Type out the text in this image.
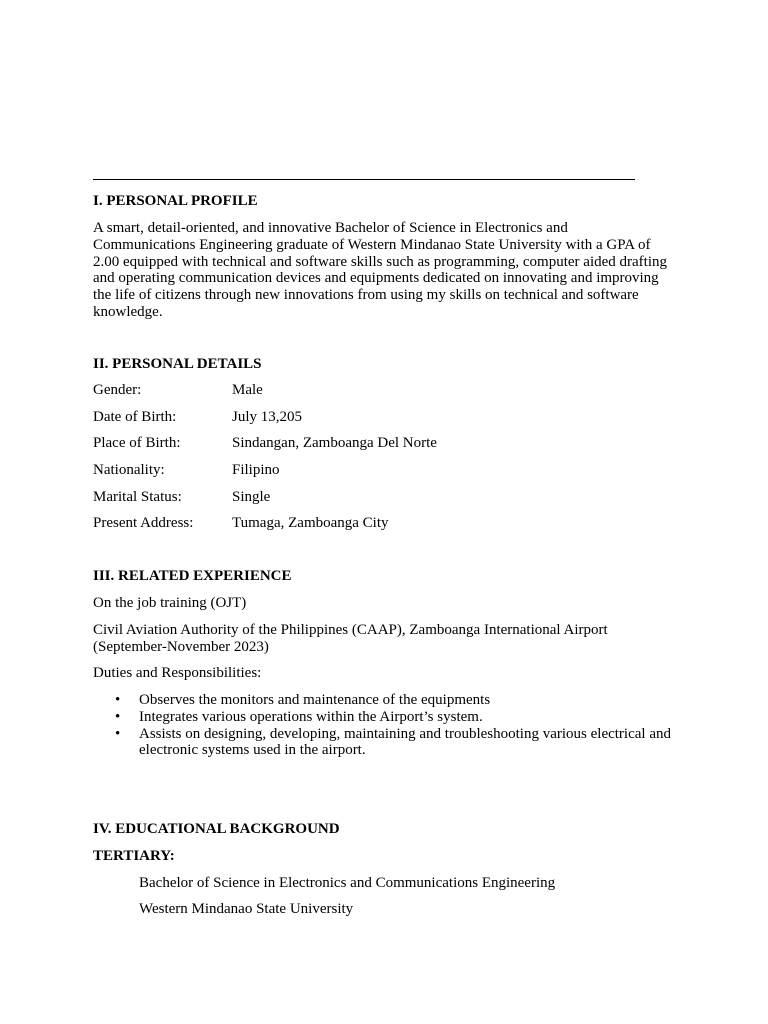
I. PERSONAL PROFILE
A smart, detail-oriented, and innovative Bachelor of Science in Electronics and Communications Engineering graduate of Western Mindanao State University with a GPA of 2.00 equipped with technical and software skills such as programming, computer aided drafting and operating communication devices and equipments dedicated on innovating and improving the life of citizens through new innovations from using my skills on technical and software knowledge.
II. PERSONAL DETAILS
Gender:	Male
Date of Birth:	July 13,205
Place of Birth:	Sindangan, Zamboanga Del Norte
Nationality:	Filipino
Marital Status:	Single
Present Address:	Tumaga, Zamboanga City
III. RELATED EXPERIENCE
On the job training (OJT)
Civil Aviation Authority of the Philippines (CAAP), Zamboanga International Airport (September-November 2023)
Duties and Responsibilities:
• Observes the monitors and maintenance of the equipments
• Integrates various operations within the Airport’s system.
• Assists on designing, developing, maintaining and troubleshooting various electrical and electronic systems used in the airport.
IV. EDUCATIONAL BACKGROUND
TERTIARY:
Bachelor of Science in Electronics and Communications Engineering
Western Mindanao State University
